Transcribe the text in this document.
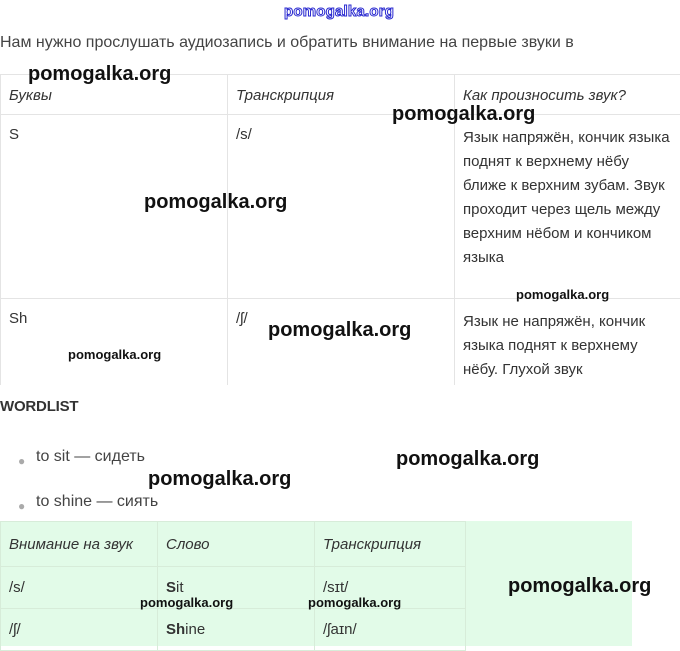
pomogalka.org
Нам нужно прослушать аудиозапись и обратить внимание на первые звуки в
Буквы	Транскрипция	Как произносить звук?
S	/s/	Язык напряжён, кончик языка поднят к верхнему нёбу ближе к верхним зубам. Звук проходит через щель между верхним нёбом и кончиком языка
Sh	/ʃ/	Язык не напряжён, кончик языка поднят к верхнему нёбу. Глухой звук
WORDLIST
● to sit — сидеть
● to shine — сиять
Внимание на звук	Слово	Транскрипция
/s/	Sit	/sɪt/
/ʃ/	Shine	/ʃaɪn/
pomogalka.org
pomogalka.org
pomogalka.org
pomogalka.org
pomogalka.org
pomogalka.org
pomogalka.org
pomogalka.org
pomogalka.org
pomogalka.org	pomogalka.org
